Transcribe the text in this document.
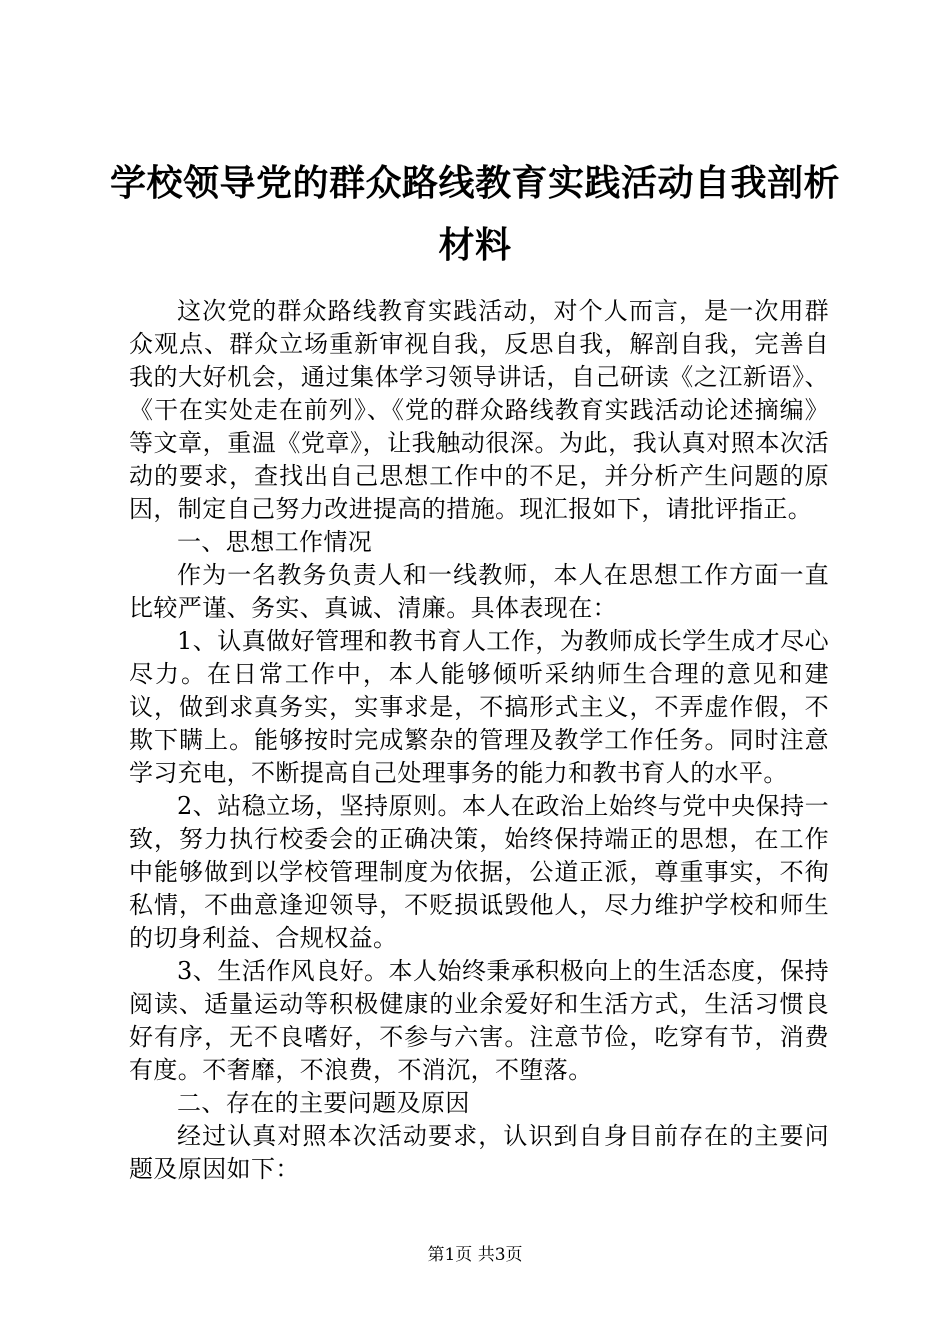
学校领导党的群众路线教育实践活动自我剖析
材料

这次党的群众路线教育实践活动，对个人而言，是一次用群众观点、群众立场重新审视自我，反思自我，解剖自我，完善自我的大好机会，通过集体学习领导讲话，自己研读《之江新语》、《干在实处走在前列》、《党的群众路线教育实践活动论述摘编》等文章，重温《党章》，让我触动很深。为此，我认真对照本次活动的要求，查找出自己思想工作中的不足，并分析产生问题的原因，制定自己努力改进提高的措施。现汇报如下，请批评指正。

一、思想工作情况

作为一名教务负责人和一线教师，本人在思想工作方面一直比较严谨、务实、真诚、清廉。具体表现在：

1、认真做好管理和教书育人工作，为教师成长学生成才尽心尽力。在日常工作中，本人能够倾听采纳师生合理的意见和建议，做到求真务实，实事求是，不搞形式主义，不弄虚作假，不欺下瞒上。能够按时完成繁杂的管理及教学工作任务。同时注意学习充电，不断提高自己处理事务的能力和教书育人的水平。

2、站稳立场，坚持原则。本人在政治上始终与党中央保持一致，努力执行校委会的正确决策，始终保持端正的思想，在工作中能够做到以学校管理制度为依据，公道正派，尊重事实，不徇私情，不曲意逢迎领导，不贬损诋毁他人，尽力维护学校和师生的切身利益、合规权益。

3、生活作风良好。本人始终秉承积极向上的生活态度，保持阅读、适量运动等积极健康的业余爱好和生活方式，生活习惯良好有序，无不良嗜好，不参与六害。注意节俭，吃穿有节，消费有度。不奢靡，不浪费，不消沉，不堕落。

二、存在的主要问题及原因

经过认真对照本次活动要求，认识到自身目前存在的主要问题及原因如下：

第1页 共3页
